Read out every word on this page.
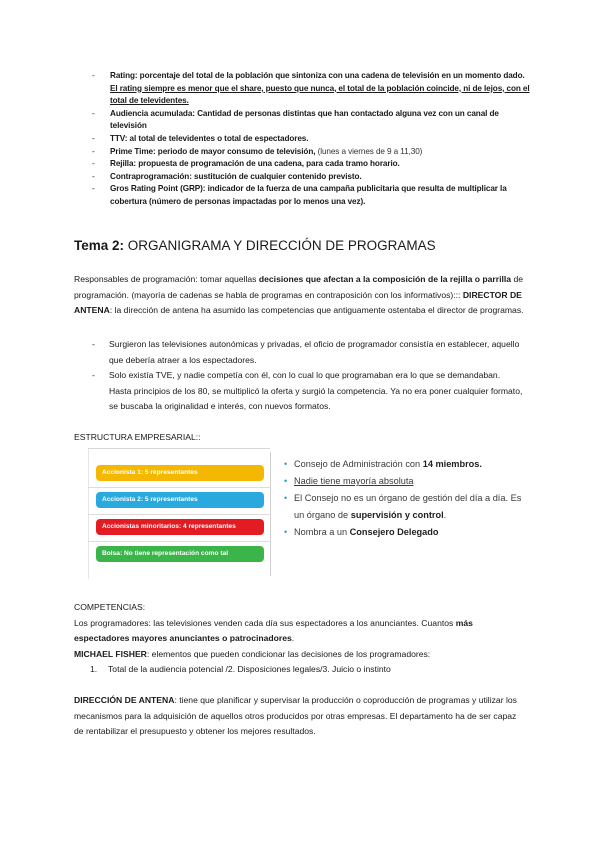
- Rating: porcentaje del total de la población que sintoniza con una cadena de televisión en un momento dado. El rating siempre es menor que el share, puesto que nunca, el total de la población coincide, ni de lejos, con el total de televidentes.
- Audiencia acumulada: Cantidad de personas distintas que han contactado alguna vez con un canal de televisión
- TTV: al total de televidentes o total de espectadores.
- Prime Time: periodo de mayor consumo de televisión, (lunes a viernes de 9 a 11,30)
- Rejilla: propuesta de programación de una cadena, para cada tramo horario.
- Contraprogramación: sustitución de cualquier contenido previsto.
- Gros Rating Point (GRP): indicador de la fuerza de una campaña publicitaria que resulta de multiplicar la cobertura (número de personas impactadas por lo menos una vez).
Tema 2: ORGANIGRAMA Y DIRECCIÓN DE PROGRAMAS
Responsables de programación: tomar aquellas decisiones que afectan a la composición de la rejilla o parrilla de programación. (mayoría de cadenas se habla de programas en contraposición con los informativos)::: DIRECTOR DE ANTENA: la dirección de antena ha asumido las competencias que antiguamente ostentaba el director de programas.
- Surgieron las televisiones autonómicas y privadas, el oficio de programador consistía en establecer, aquello que debería atraer a los espectadores.
- Solo existía TVE, y nadie competía con él, con lo cual lo que programaban era lo que se demandaban. Hasta principios de los 80, se multiplicó la oferta y surgió la competencia. Ya no era poner cualquier formato, se buscaba la originalidad e interés, con nuevos formatos.
ESTRUCTURA EMPRESARIAL::
Accionista 1: 5 representantes
Accionista 2: 5 representantes
Accionistas minoritarios: 4 representantes
Bolsa: No tiene representación como tal
• Consejo de Administración con 14 miembros.
• Nadie tiene mayoría absoluta
• El Consejo no es un órgano de gestión del día a día. Es un órgano de supervisión y control.
• Nombra a un Consejero Delegado
COMPETENCIAS:
Los programadores: las televisiones venden cada día sus espectadores a los anunciantes. Cuantos más espectadores mayores anunciantes o patrocinadores.
MICHAEL FISHER: elementos que pueden condicionar las decisiones de los programadores:
1. Total de la audiencia potencial /2. Disposiciones legales/3. Juicio o instinto
DIRECCIÓN DE ANTENA: tiene que planificar y supervisar la producción o coproducción de programas y utilizar los mecanismos para la adquisición de aquellos otros producidos por otras empresas. El departamento ha de ser capaz de rentabilizar el presupuesto y obtener los mejores resultados.
